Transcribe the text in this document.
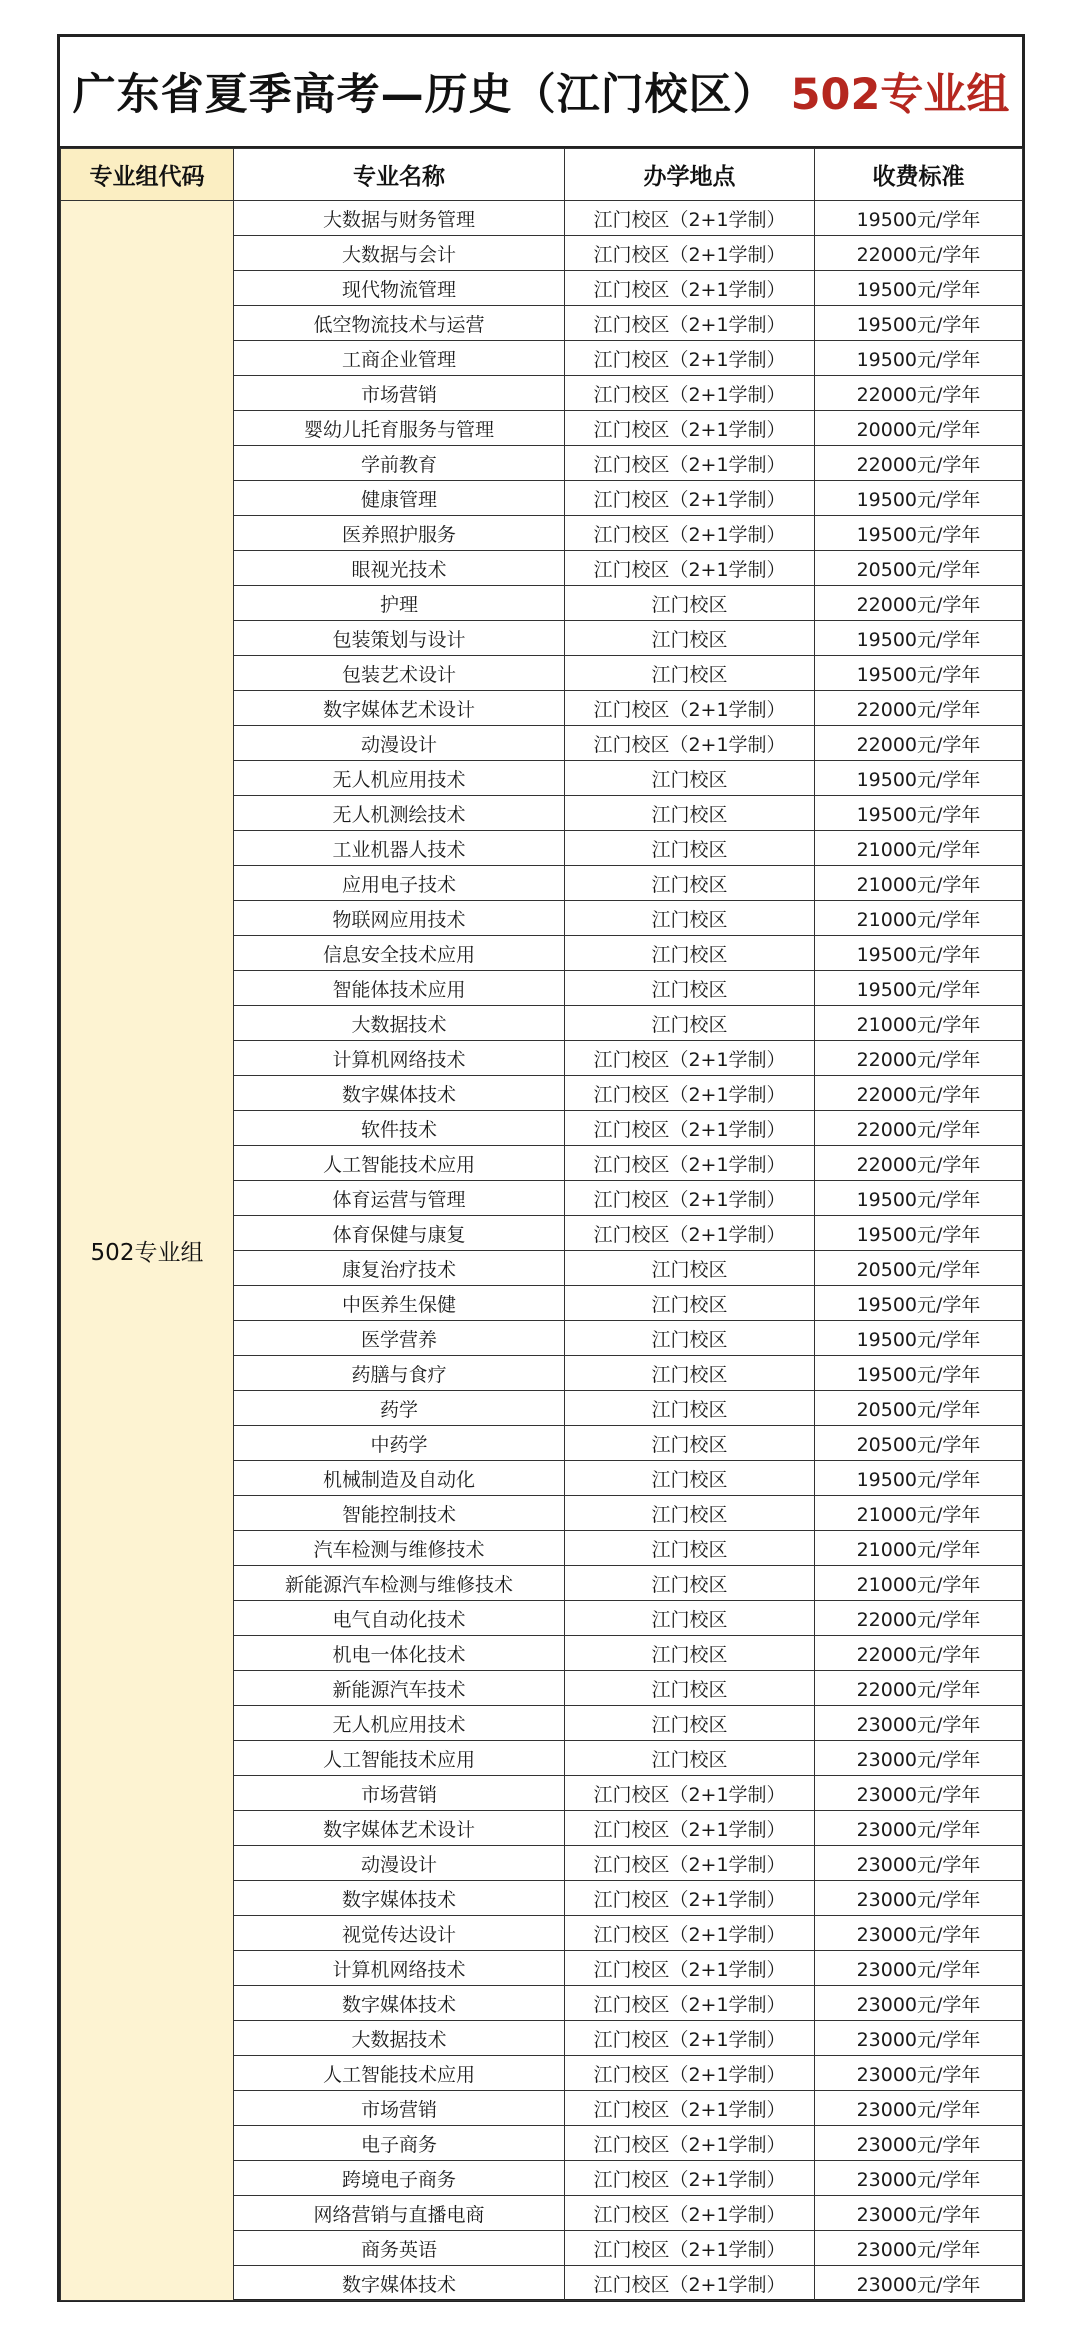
广东省夏季高考—历史（江门校区） 502专业组
专业组代码	专业名称	办学地点	收费标准
502专业组	大数据与财务管理	江门校区（2+1学制）	19500元/学年
	大数据与会计	江门校区（2+1学制）	22000元/学年
	现代物流管理	江门校区（2+1学制）	19500元/学年
	低空物流技术与运营	江门校区（2+1学制）	19500元/学年
	工商企业管理	江门校区（2+1学制）	19500元/学年
	市场营销	江门校区（2+1学制）	22000元/学年
	婴幼儿托育服务与管理	江门校区（2+1学制）	20000元/学年
	学前教育	江门校区（2+1学制）	22000元/学年
	健康管理	江门校区（2+1学制）	19500元/学年
	医养照护服务	江门校区（2+1学制）	19500元/学年
	眼视光技术	江门校区（2+1学制）	20500元/学年
	护理	江门校区	22000元/学年
	包装策划与设计	江门校区	19500元/学年
	包装艺术设计	江门校区	19500元/学年
	数字媒体艺术设计	江门校区（2+1学制）	22000元/学年
	动漫设计	江门校区（2+1学制）	22000元/学年
	无人机应用技术	江门校区	19500元/学年
	无人机测绘技术	江门校区	19500元/学年
	工业机器人技术	江门校区	21000元/学年
	应用电子技术	江门校区	21000元/学年
	物联网应用技术	江门校区	21000元/学年
	信息安全技术应用	江门校区	19500元/学年
	智能体技术应用	江门校区	19500元/学年
	大数据技术	江门校区	21000元/学年
	计算机网络技术	江门校区（2+1学制）	22000元/学年
	数字媒体技术	江门校区（2+1学制）	22000元/学年
	软件技术	江门校区（2+1学制）	22000元/学年
	人工智能技术应用	江门校区（2+1学制）	22000元/学年
	体育运营与管理	江门校区（2+1学制）	19500元/学年
	体育保健与康复	江门校区（2+1学制）	19500元/学年
	康复治疗技术	江门校区	20500元/学年
	中医养生保健	江门校区	19500元/学年
	医学营养	江门校区	19500元/学年
	药膳与食疗	江门校区	19500元/学年
	药学	江门校区	20500元/学年
	中药学	江门校区	20500元/学年
	机械制造及自动化	江门校区	19500元/学年
	智能控制技术	江门校区	21000元/学年
	汽车检测与维修技术	江门校区	21000元/学年
	新能源汽车检测与维修技术	江门校区	21000元/学年
	电气自动化技术	江门校区	22000元/学年
	机电一体化技术	江门校区	22000元/学年
	新能源汽车技术	江门校区	22000元/学年
	无人机应用技术	江门校区	23000元/学年
	人工智能技术应用	江门校区	23000元/学年
	市场营销	江门校区（2+1学制）	23000元/学年
	数字媒体艺术设计	江门校区（2+1学制）	23000元/学年
	动漫设计	江门校区（2+1学制）	23000元/学年
	数字媒体技术	江门校区（2+1学制）	23000元/学年
	视觉传达设计	江门校区（2+1学制）	23000元/学年
	计算机网络技术	江门校区（2+1学制）	23000元/学年
	数字媒体技术	江门校区（2+1学制）	23000元/学年
	大数据技术	江门校区（2+1学制）	23000元/学年
	人工智能技术应用	江门校区（2+1学制）	23000元/学年
	市场营销	江门校区（2+1学制）	23000元/学年
	电子商务	江门校区（2+1学制）	23000元/学年
	跨境电子商务	江门校区（2+1学制）	23000元/学年
	网络营销与直播电商	江门校区（2+1学制）	23000元/学年
	商务英语	江门校区（2+1学制）	23000元/学年
	数字媒体技术	江门校区（2+1学制）	23000元/学年
